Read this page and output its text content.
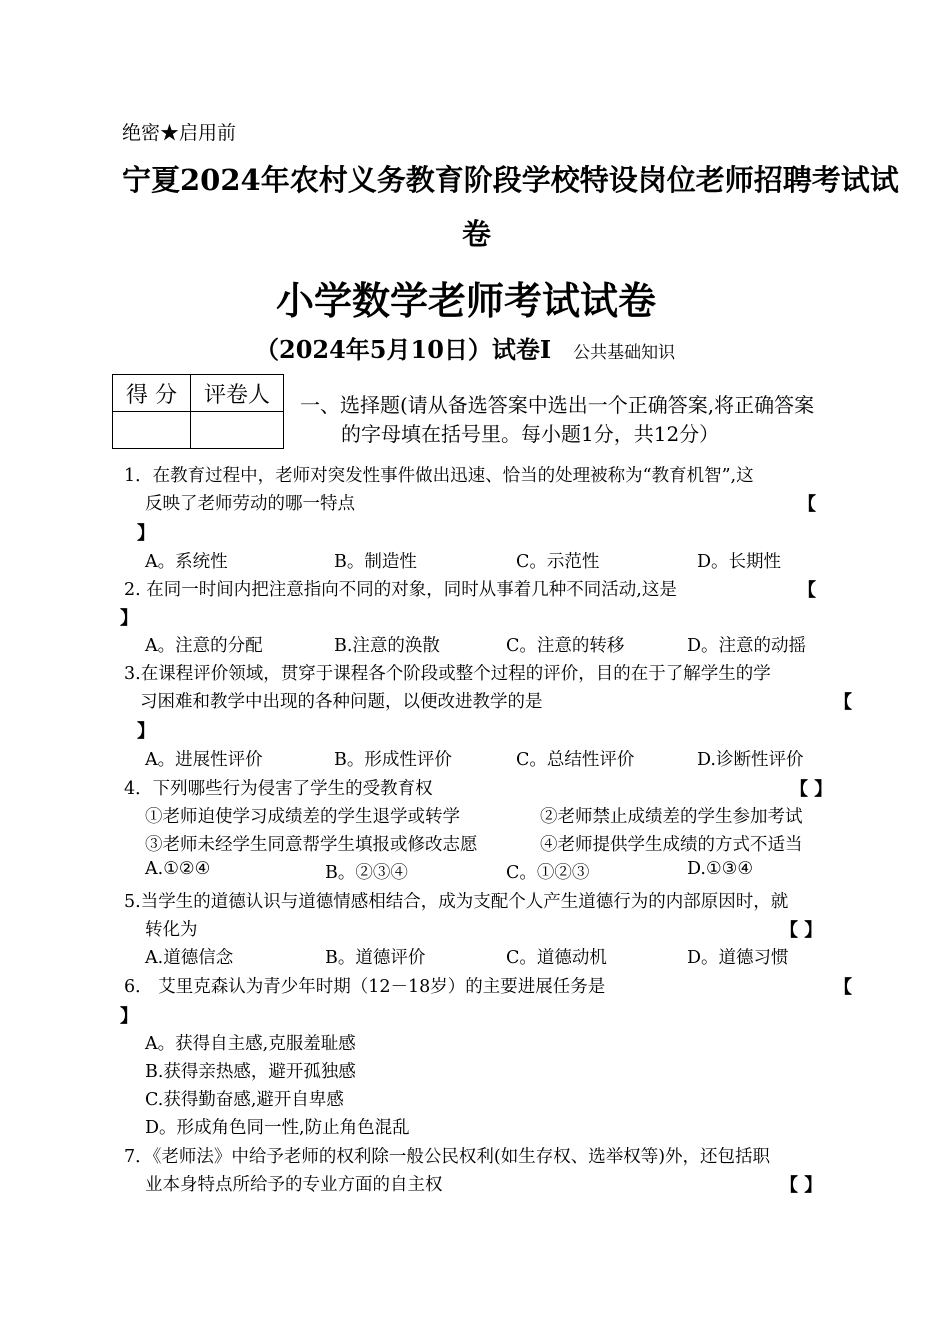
绝密★启用前
宁夏2024年农村义务教育阶段学校特设岗位老师招聘考试试
卷
小学数学老师考试试卷
（2024年5月10日）试卷Ⅰ 公共基础知识
得 分	评卷人
	一、选择题(请从备选答案中选出一个正确答案,将正确答案
的字母填在括号里。每小题1分，共12分）
1．在教育过程中，老师对突发性事件做出迅速、恰当的处理被称为“教育机智”,这
反映了老师劳动的哪一特点	【
】
A。系统性	B。制造性	C。示范性	D。长期性
2. 在同一时间内把注意指向不同的对象，同时从事着几种不同活动,这是	【
】
A。注意的分配	B.注意的涣散	C。注意的转移	D。注意的动摇
3.在课程评价领域，贯穿于课程各个阶段或整个过程的评价，目的在于了解学生的学
习困难和教学中出现的各种问题，以便改进教学的是	【
】
A。进展性评价	B。形成性评价	C。总结性评价	D.诊断性评价
4．下列哪些行为侵害了学生的受教育权	【 】
①老师迫使学习成绩差的学生退学或转学	②老师禁止成绩差的学生参加考试
③老师未经学生同意帮学生填报或修改志愿	④老师提供学生成绩的方式不适当
A.①②④	B。②③④	C。①②③	D.①③④
5.当学生的道德认识与道德情感相结合，成为支配个人产生道德行为的内部原因时，就
转化为	【 】
A.道德信念	B。道德评价	C。道德动机	D。道德习惯
6． 艾里克森认为青少年时期（12－18岁）的主要进展任务是	【
】
A。获得自主感,克服羞耻感
B.获得亲热感，避开孤独感
C.获得勤奋感,避开自卑感
D。形成角色同一性,防止角色混乱
7．《老师法》中给予老师的权利除一般公民权利(如生存权、选举权等)外，还包括职
业本身特点所给予的专业方面的自主权	【 】
